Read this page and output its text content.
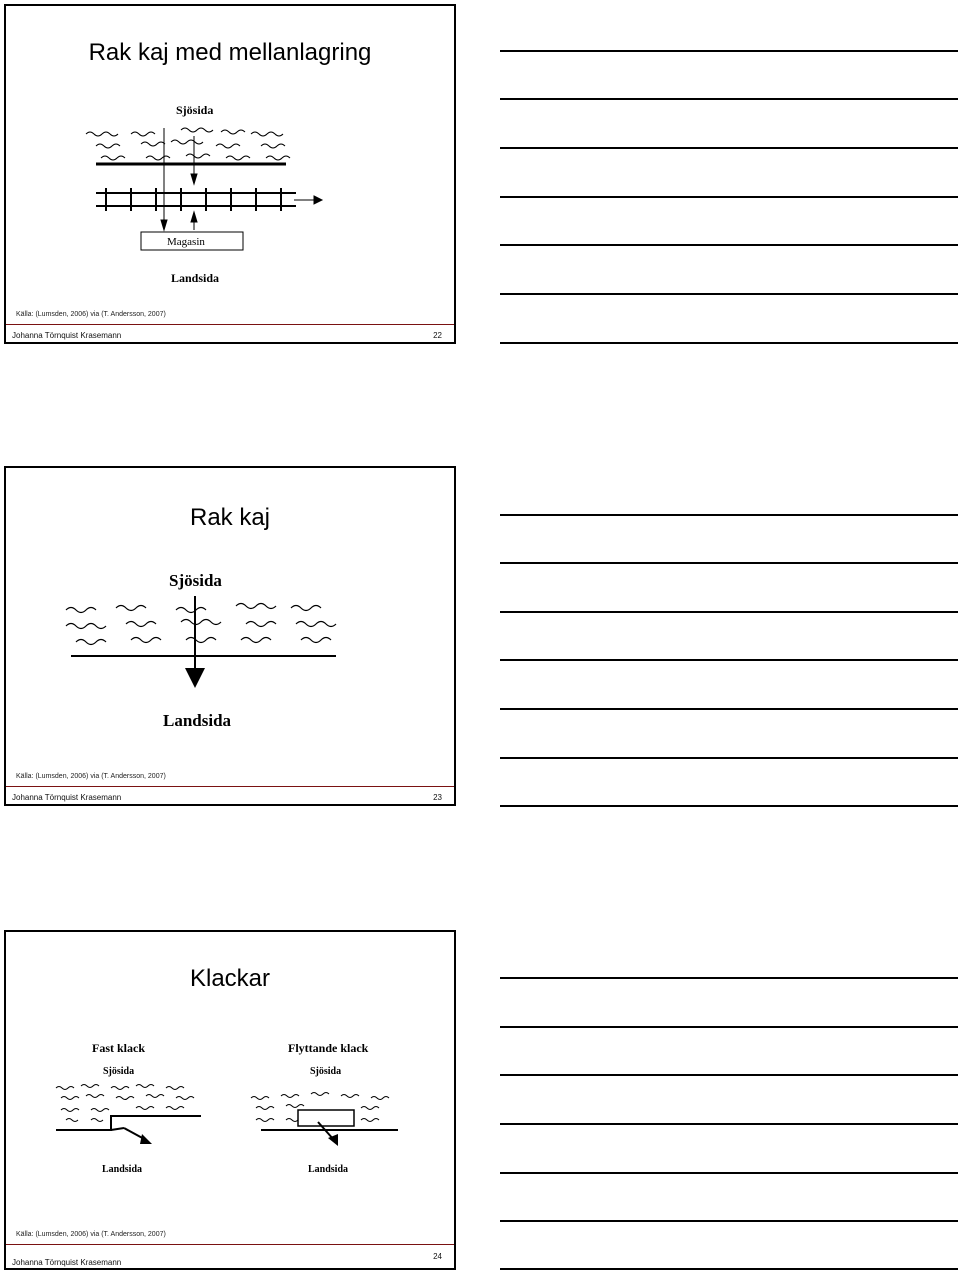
Rak kaj med mellanlagring
Sjösida
Magasin
Landsida
Källa: (Lumsden, 2006) via (T. Andersson, 2007)
Johanna Törnquist Krasemann	22
Rak kaj
Sjösida
Landsida
Källa: (Lumsden, 2006) via (T. Andersson, 2007)
Johanna Törnquist Krasemann	23
Klackar
Fast klack
Sjösida
Landsida
Flyttande klack
Sjösida
Landsida
Källa: (Lumsden, 2006) via (T. Andersson, 2007)
Johanna Törnquist Krasemann
24
